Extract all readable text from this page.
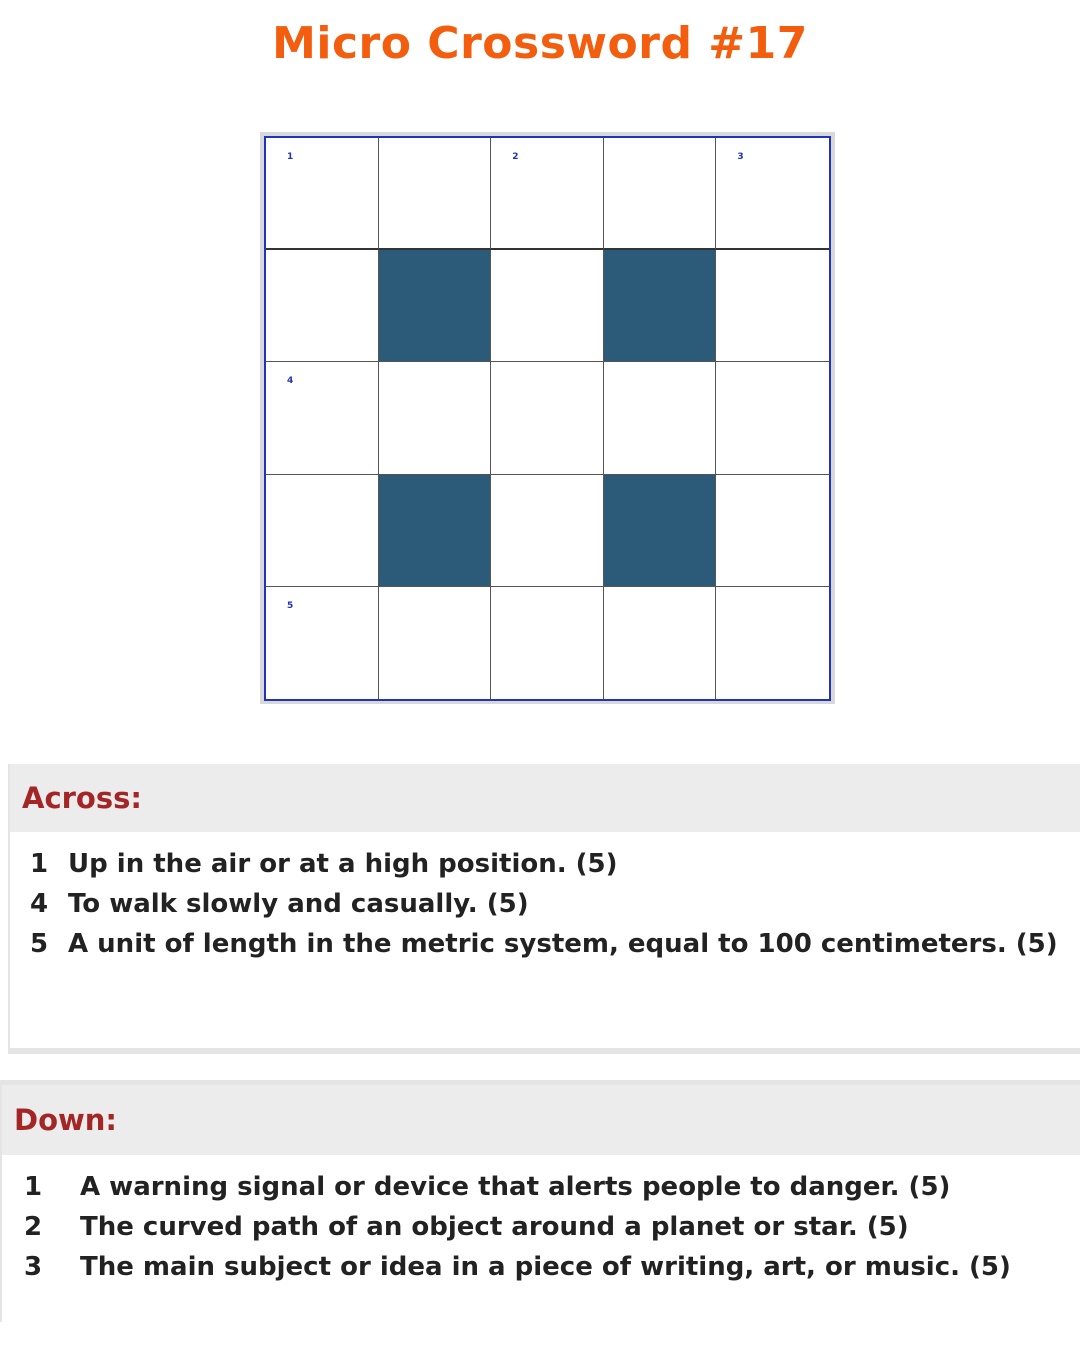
Micro Crossword #17
1	2	3
4
5
Across:
1 Up in the air or at a high position. (5)
4 To walk slowly and casually. (5)
5 A unit of length in the metric system, equal to 100 centimeters. (5)
Down:
1	A warning signal or device that alerts people to danger. (5)
2	The curved path of an object around a planet or star. (5)
3	The main subject or idea in a piece of writing, art, or music. (5)
